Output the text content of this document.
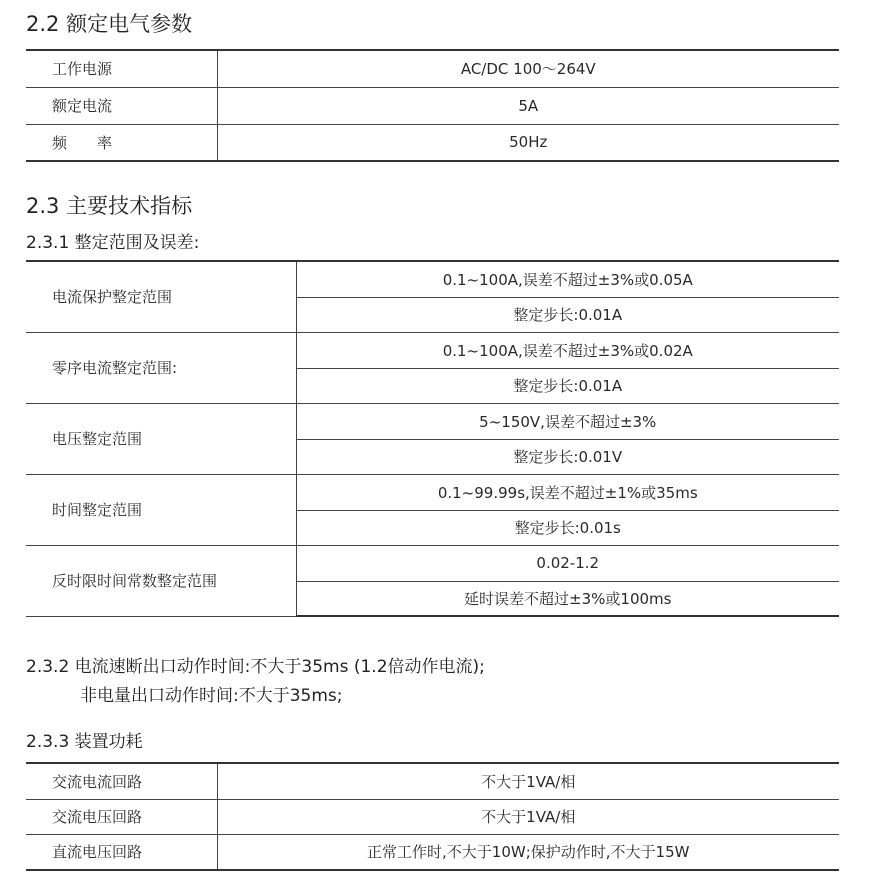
2.2 额定电气参数
工作电源	AC/DC 100～264V
额定电流	5A
频　　率	50Hz
2.3 主要技术指标
2.3.1 整定范围及误差:
电流保护整定范围	0.1~100A,误差不超过±3%或0.05A
	整定步长:0.01A
零序电流整定范围:	0.1~100A,误差不超过±3%或0.02A
	整定步长:0.01A
电压整定范围	5~150V,误差不超过±3%
	整定步长:0.01V
时间整定范围	0.1~99.99s,误差不超过±1%或35ms
	整定步长:0.01s
反时限时间常数整定范围	0.02-1.2
	延时误差不超过±3%或100ms
2.3.2 电流速断出口动作时间:不大于35ms (1.2倍动作电流);
非电量出口动作时间:不大于35ms;
2.3.3 装置功耗
交流电流回路	不大于1VA/相
交流电压回路	不大于1VA/相
直流电压回路	正常工作时,不大于10W;保护动作时,不大于15W
